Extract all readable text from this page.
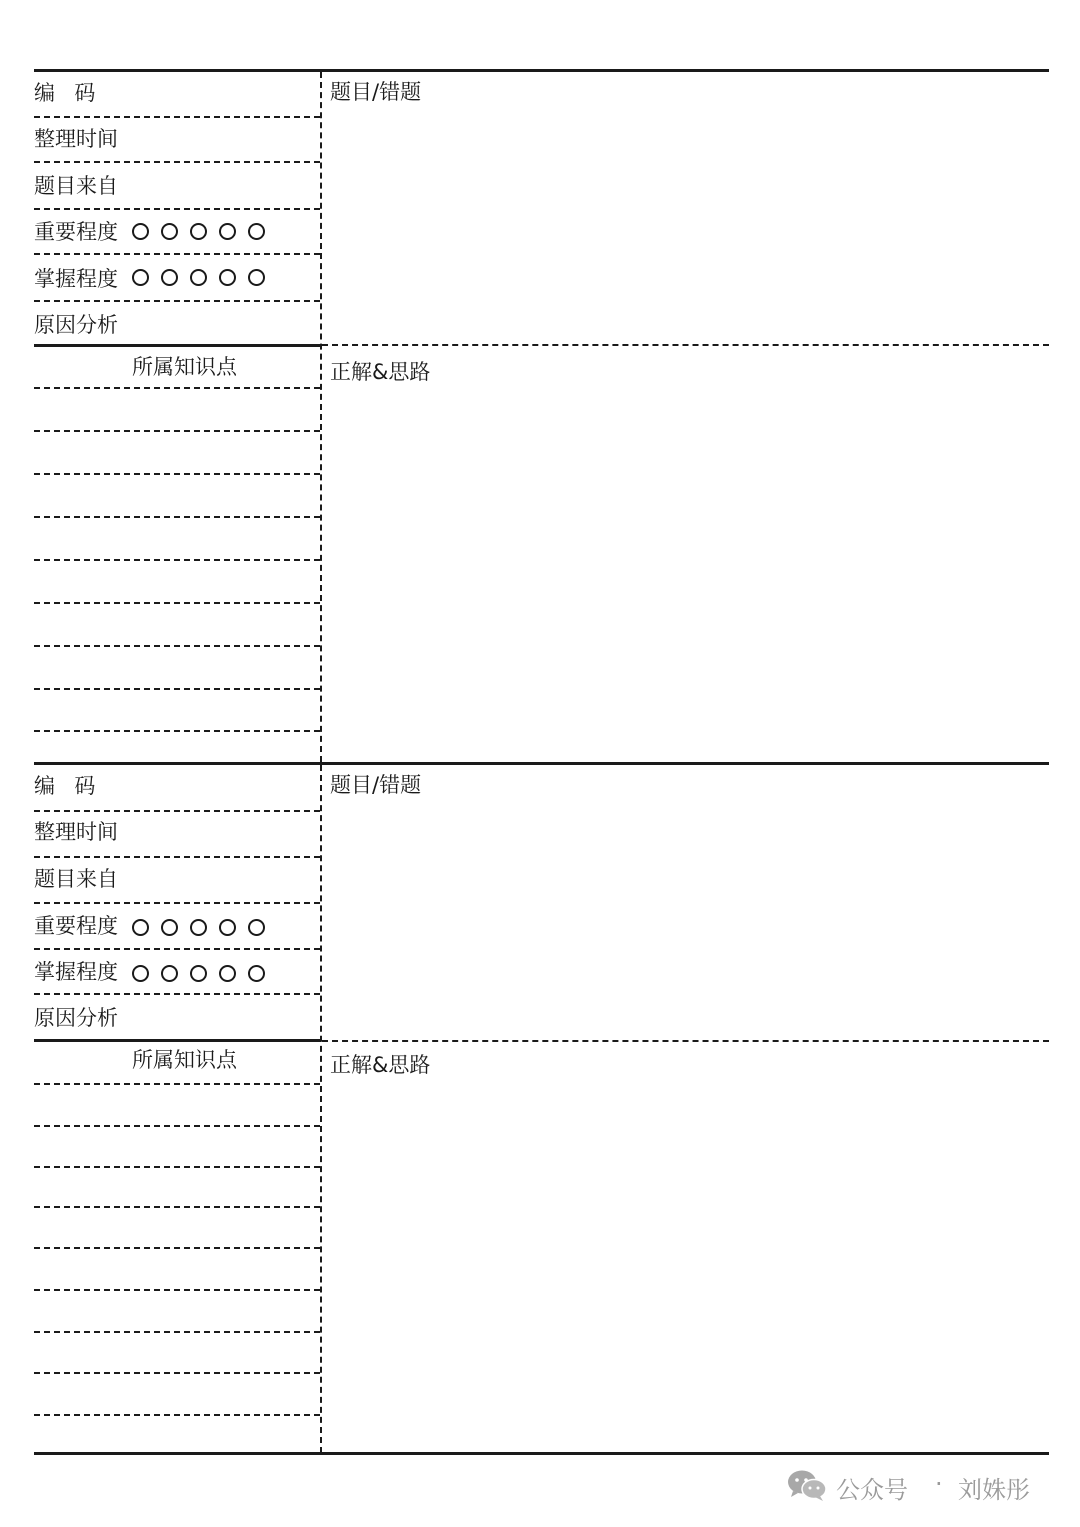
编  码
整理时间
题目来自
重要程度
掌握程度
原因分析
题目/错题
正解&思路
所属知识点
编  码
整理时间
题目来自
重要程度
掌握程度
原因分析
题目/错题
正解&思路
所属知识点
公众号 · 刘姝彤
